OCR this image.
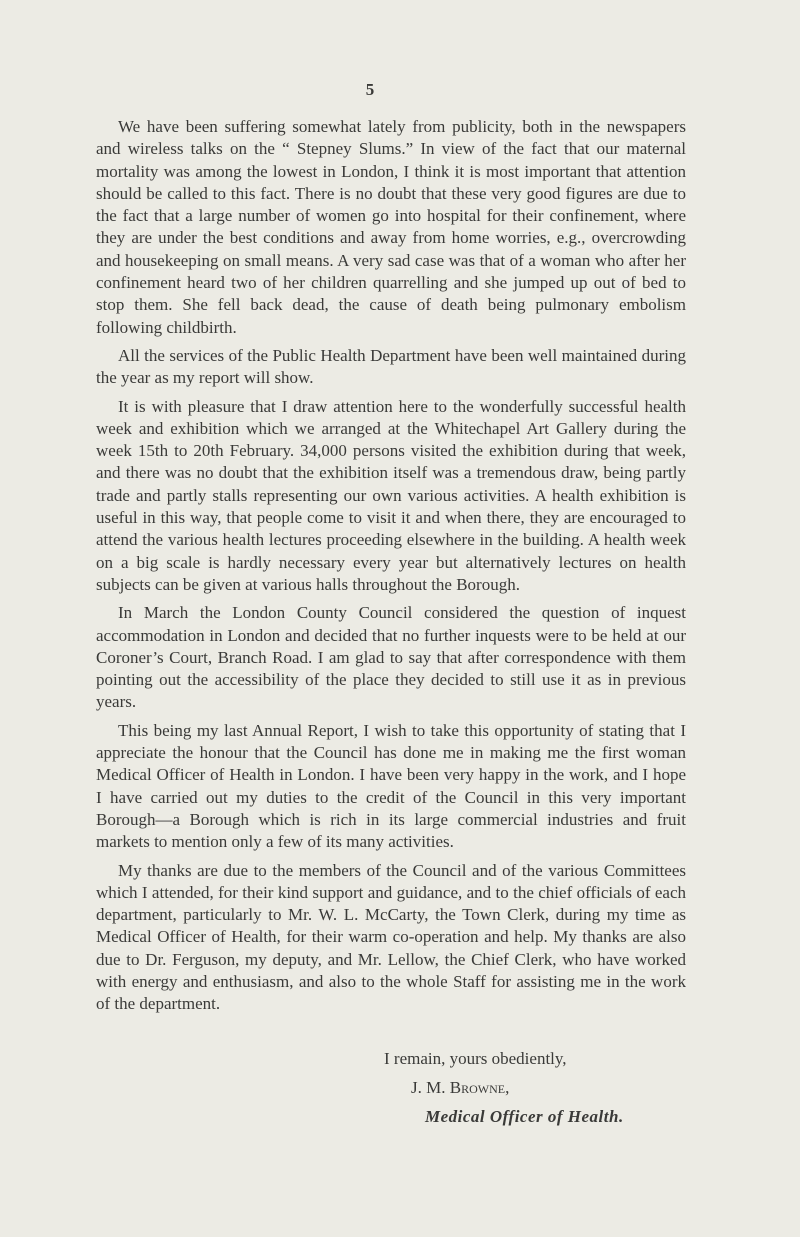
5

We have been suffering somewhat lately from publicity, both in the newspapers and wireless talks on the “ Stepney Slums.” In view of the fact that our maternal mortality was among the lowest in London, I think it is most important that attention should be called to this fact. There is no doubt that these very good figures are due to the fact that a large number of women go into hospital for their confinement, where they are under the best conditions and away from home worries, e.g., overcrowding and housekeeping on small means. A very sad case was that of a woman who after her confinement heard two of her children quarrelling and she jumped up out of bed to stop them. She fell back dead, the cause of death being pulmonary embolism following childbirth.

All the services of the Public Health Department have been well maintained during the year as my report will show.

It is with pleasure that I draw attention here to the wonderfully successful health week and exhibition which we arranged at the Whitechapel Art Gallery during the week 15th to 20th February. 34,000 persons visited the exhibition during that week, and there was no doubt that the exhibition itself was a tremendous draw, being partly trade and partly stalls representing our own various activities. A health exhibition is useful in this way, that people come to visit it and when there, they are encouraged to attend the various health lectures proceeding elsewhere in the building. A health week on a big scale is hardly necessary every year but alternatively lectures on health subjects can be given at various halls throughout the Borough.

In March the London County Council considered the question of inquest accommodation in London and decided that no further inquests were to be held at our Coroner’s Court, Branch Road. I am glad to say that after correspondence with them pointing out the accessibility of the place they decided to still use it as in previous years.

This being my last Annual Report, I wish to take this opportunity of stating that I appreciate the honour that the Council has done me in making me the first woman Medical Officer of Health in London. I have been very happy in the work, and I hope I have carried out my duties to the credit of the Council in this very important Borough—a Borough which is rich in its large commercial industries and fruit markets to mention only a few of its many activities.

My thanks are due to the members of the Council and of the various Committees which I attended, for their kind support and guidance, and to the chief officials of each department, particularly to Mr. W. L. McCarty, the Town Clerk, during my time as Medical Officer of Health, for their warm co-operation and help. My thanks are also due to Dr. Ferguson, my deputy, and Mr. Lellow, the Chief Clerk, who have worked with energy and enthusiasm, and also to the whole Staff for assisting me in the work of the department.

I remain, yours obediently,
J. M. Browne,
Medical Officer of Health.
